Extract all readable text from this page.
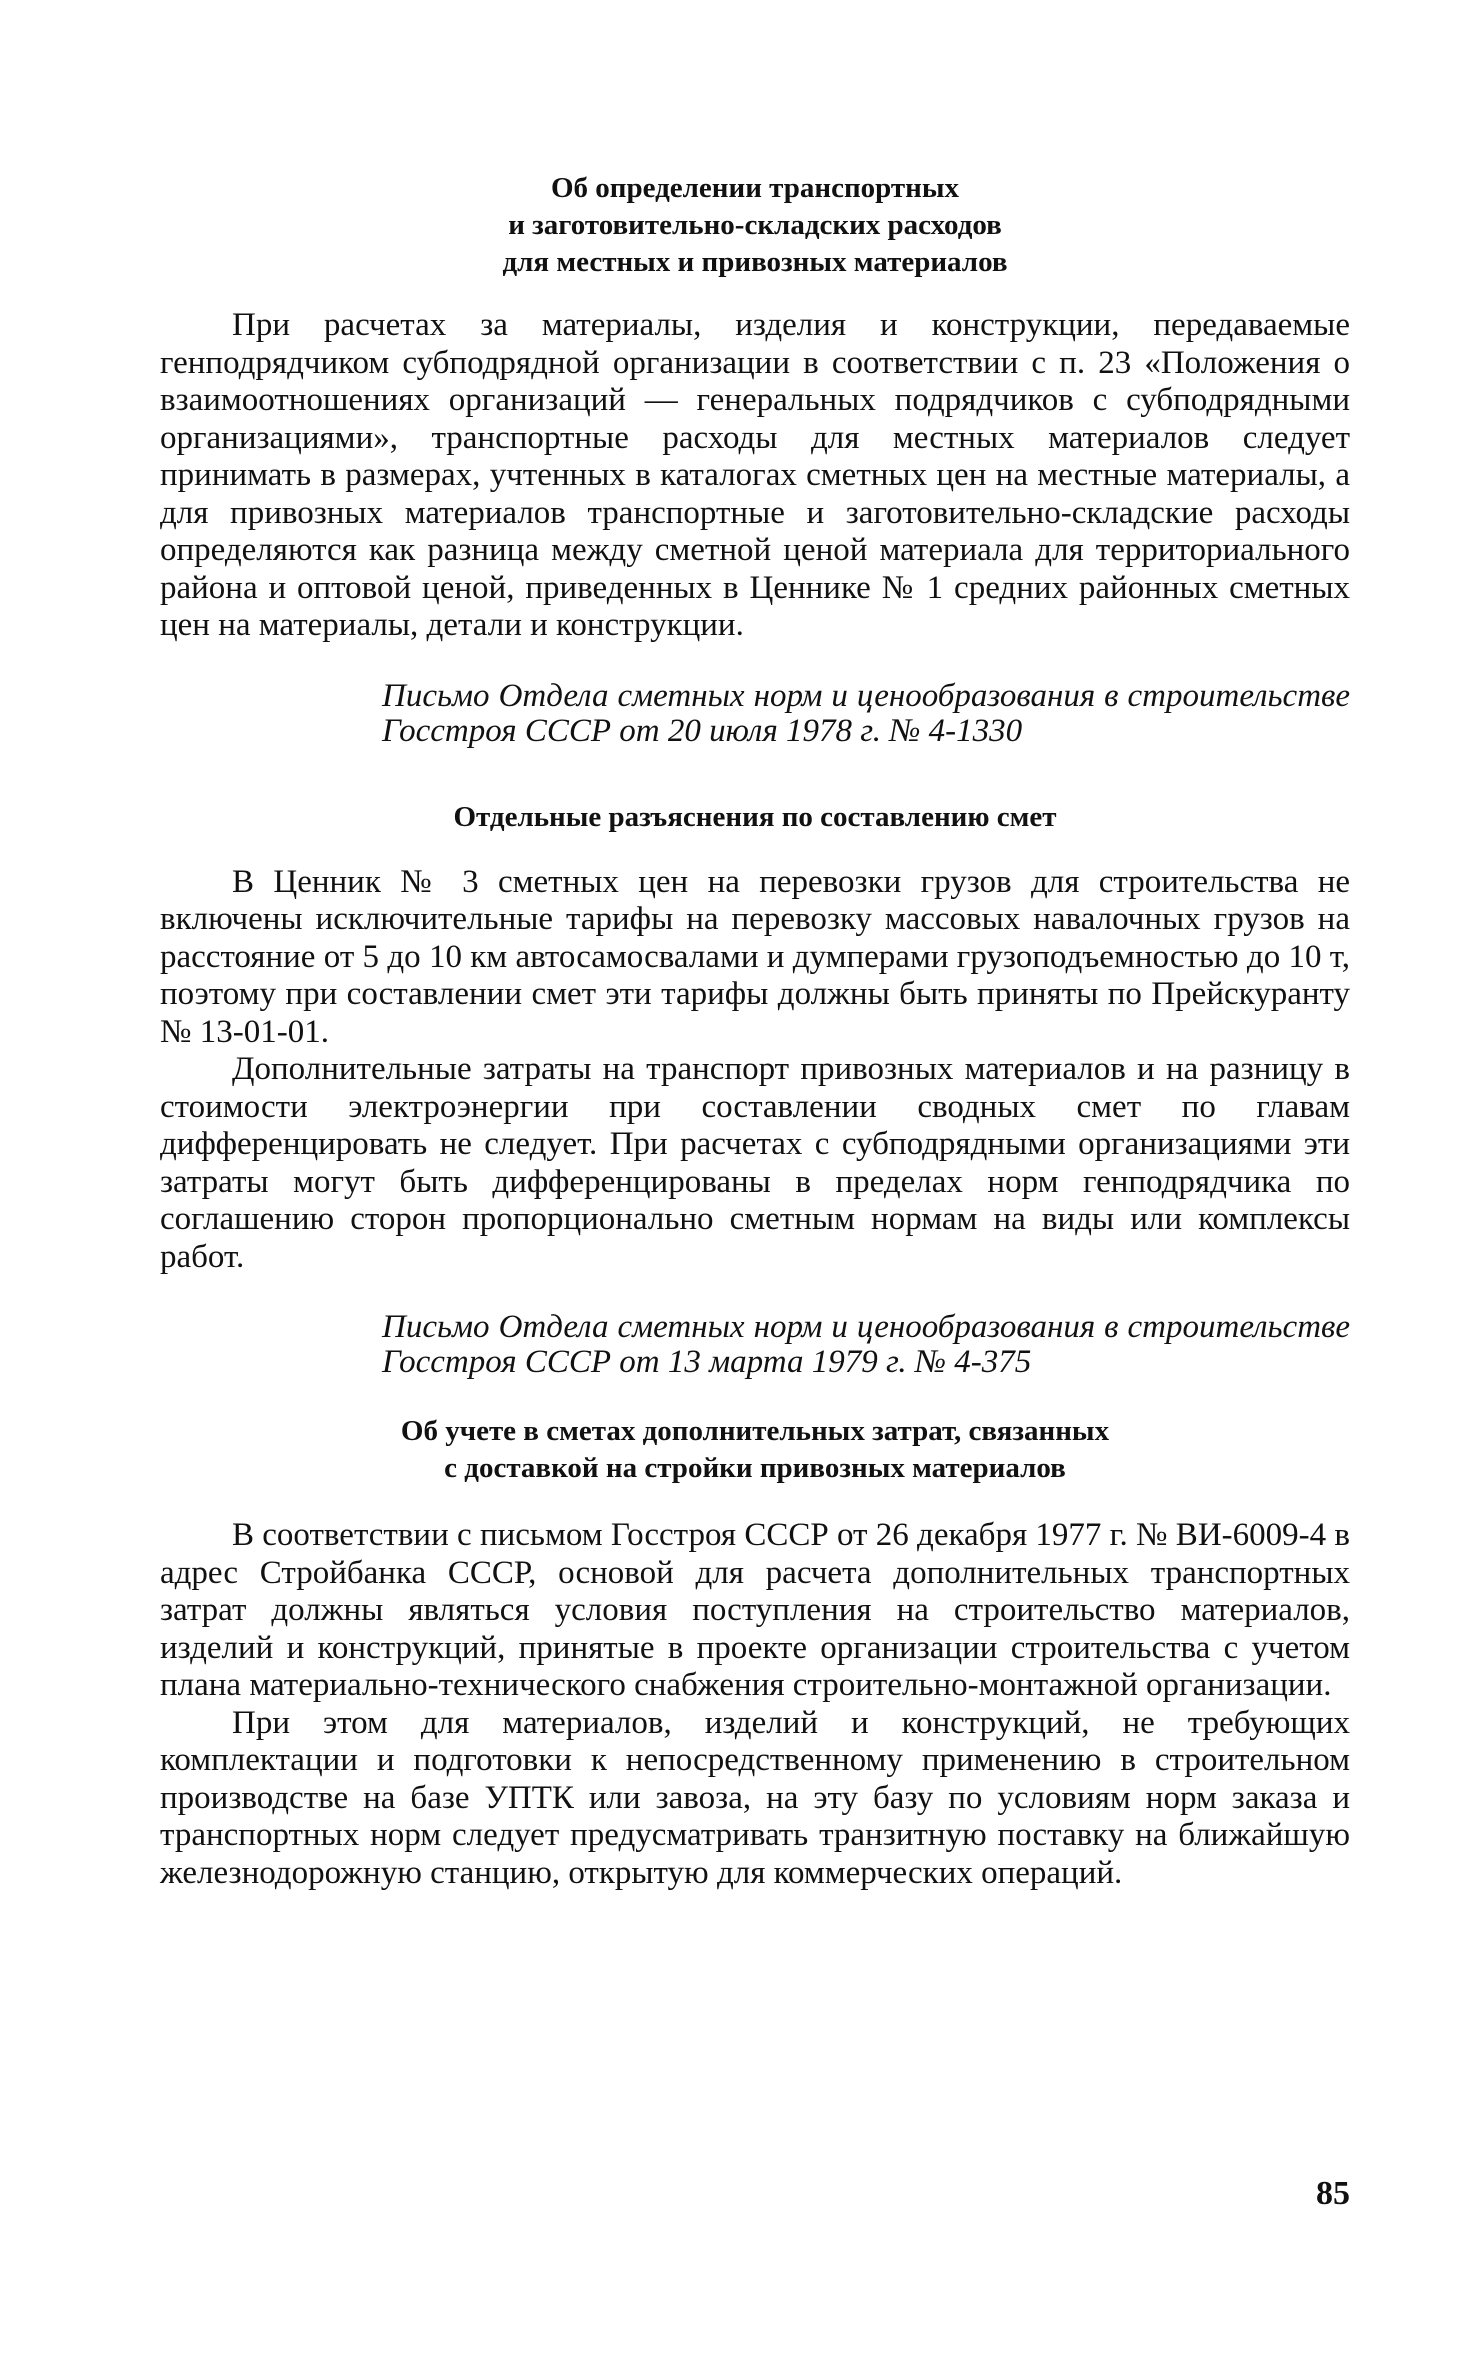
Об определении транспортных
и заготовительно-складских расходов
для местных и привозных материалов

При расчетах за материалы, изделия и конструкции, передаваемые генподрядчиком субподрядной организации в соответствии с п. 23 «Положения о взаимоотношениях организаций — генеральных подрядчиков с субподрядными организациями», транспортные расходы для местных материалов следует принимать в размерах, учтенных в каталогах сметных цен на местные материалы, а для привозных материалов транспортные и заготовительно-складские расходы определяются как разница между сметной ценой материала для территориального района и оптовой ценой, приведенных в Ценнике № 1 средних районных сметных цен на материалы, детали и конструкции.

Письмо Отдела сметных норм и ценообразования в строительстве Госстроя СССР от 20 июля 1978 г. № 4-1330

Отдельные разъяснения по составлению смет

В Ценник № 3 сметных цен на перевозки грузов для строительства не включены исключительные тарифы на перевозку массовых навалочных грузов на расстояние от 5 до 10 км автосамосвалами и думперами грузоподъемностью до 10 т, поэтому при составлении смет эти тарифы должны быть приняты по Прейскуранту № 13-01-01.

Дополнительные затраты на транспорт привозных материалов и на разницу в стоимости электроэнергии при составлении сводных смет по главам дифференцировать не следует. При расчетах с субподрядными организациями эти затраты могут быть дифференцированы в пределах норм генподрядчика по соглашению сторон пропорционально сметным нормам на виды или комплексы работ.

Письмо Отдела сметных норм и ценообразования в строительстве Госстроя СССР от 13 марта 1979 г. № 4-375

Об учете в сметах дополнительных затрат, связанных
с доставкой на стройки привозных материалов

В соответствии с письмом Госстроя СССР от 26 декабря 1977 г. № ВИ-6009-4 в адрес Стройбанка СССР, основой для расчета дополнительных транспортных затрат должны являться условия поступления на строительство материалов, изделий и конструкций, принятые в проекте организации строительства с учетом плана материально-технического снабжения строительно-монтажной организации.

При этом для материалов, изделий и конструкций, не требующих комплектации и подготовки к непосредственному применению в строительном производстве на базе УПТК или завоза, на эту базу по условиям норм заказа и транспортных норм следует предусматривать транзитную поставку на ближайшую железнодорожную станцию, открытую для коммерческих операций.

85
